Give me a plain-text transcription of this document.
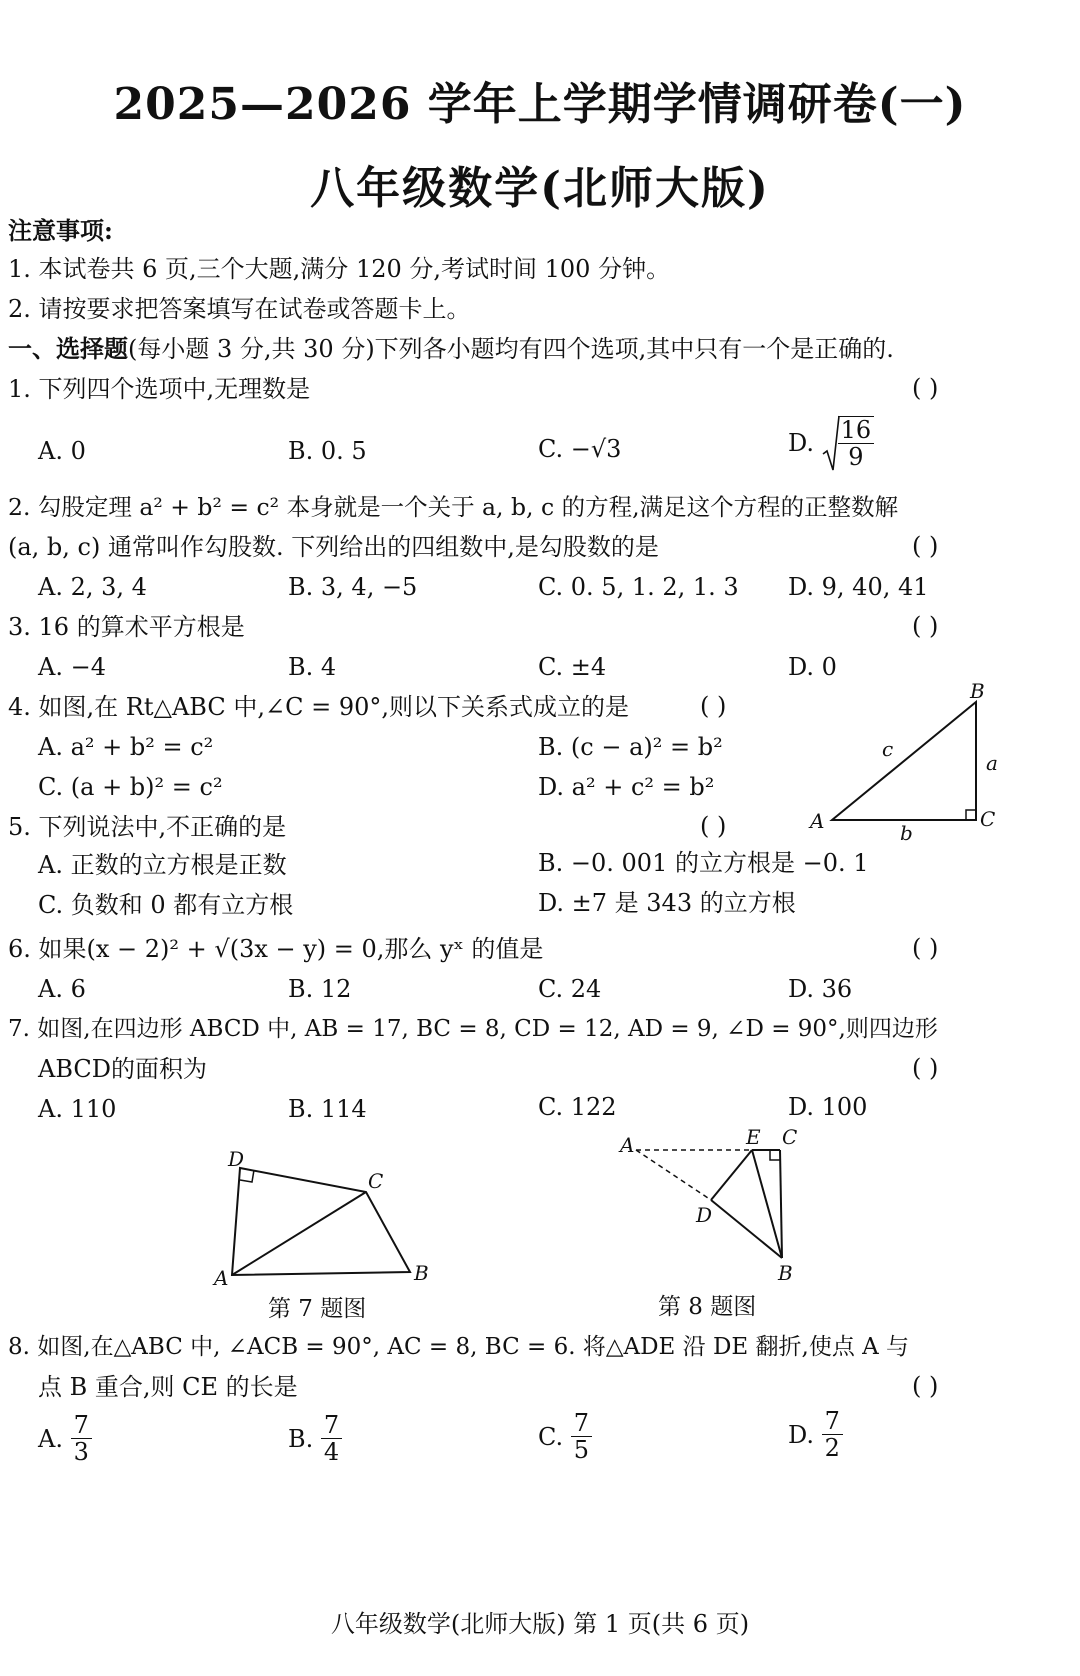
2025—2026 学年上学期学情调研卷(一)
八年级数学(北师大版)
注意事项:
1. 本试卷共 6 页,三个大题,满分 120 分,考试时间 100 分钟。
2. 请按要求把答案填写在试卷或答题卡上。
一、选择题(每小题 3 分,共 30 分)下列各小题均有四个选项,其中只有一个是正确的.
1. 下列四个选项中,无理数是	( )
A. 0	B. 0. 5	C. −√3	D. $\frac{16}{9}$
2. 勾股定理 a² + b² = c² 本身就是一个关于 a, b, c 的方程,满足这个方程的正整数解
(a, b, c) 通常叫作勾股数. 下列给出的四组数中,是勾股数的是	( )
A. 2, 3, 4	B. 3, 4, −5	C. 0. 5, 1. 2, 1. 3 D. 9, 40, 41
3. 16 的算术平方根是	( )
A. −4	B. 4	C. ±4	D. 0
4. 如图,在 Rt△ABC 中,∠C = 90°,则以下关系式成立的是	( )
A. a² + b² = c²	B. (c − a)² = b²
C. (a + b)² = c²	D. a² + c² = b²
A
B
C
a
b
c
5. 下列说法中,不正确的是	( )
A. 正数的立方根是正数	B. −0. 001 的立方根是 −0. 1
C. 负数和 0 都有立方根	D. ±7 是 343 的立方根
6. 如果(x − 2)² + √(3x − y) = 0,那么 yˣ 的值是	( )
A. 6	B. 12	C. 24	D. 36
7. 如图,在四边形 ABCD 中, AB = 17, BC = 8, CD = 12, AD = 9, ∠D = 90°,则四边形
ABCD的面积为	( )
A. 110	B. 114	C. 122	D. 100
A	B
C
D
第 7 题图
A
B
C
D
E
第 8 题图
8. 如图,在△ABC 中, ∠ACB = 90°, AC = 8, BC = 6. 将△ADE 沿 DE 翻折,使点 A 与
点 B 重合,则 CE 的长是	( )
A. $\frac{7}{3}$	B. $\frac{7}{4}$	C. $\frac{7}{5}$	D. $\frac{7}{2}$
八年级数学(北师大版) 第 1 页(共 6 页)
